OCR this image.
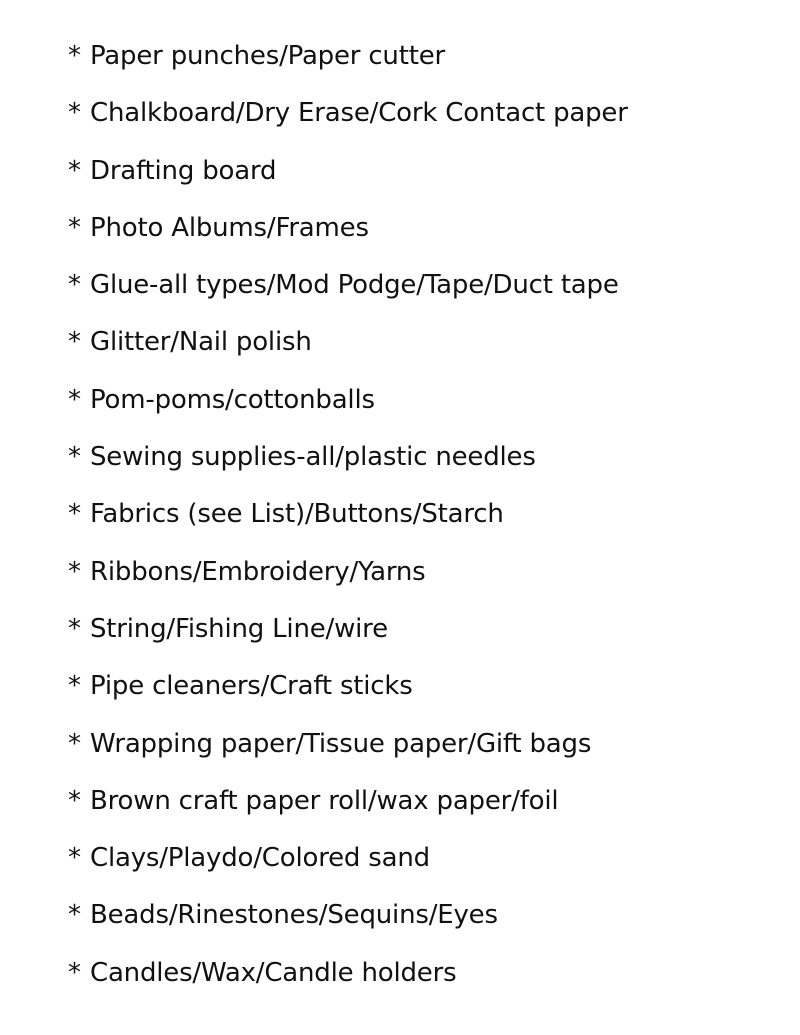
* Paper punches/Paper cutter
* Chalkboard/Dry Erase/Cork Contact paper
* Drafting board
* Photo Albums/Frames
* Glue-all types/Mod Podge/Tape/Duct tape
* Glitter/Nail polish
* Pom-poms/cottonballs
* Sewing supplies-all/plastic needles
* Fabrics (see List)/Buttons/Starch
* Ribbons/Embroidery/Yarns
* String/Fishing Line/wire
* Pipe cleaners/Craft sticks
* Wrapping paper/Tissue paper/Gift bags
* Brown craft paper roll/wax paper/foil
* Clays/Playdo/Colored sand
* Beads/Rinestones/Sequins/Eyes
* Candles/Wax/Candle holders
